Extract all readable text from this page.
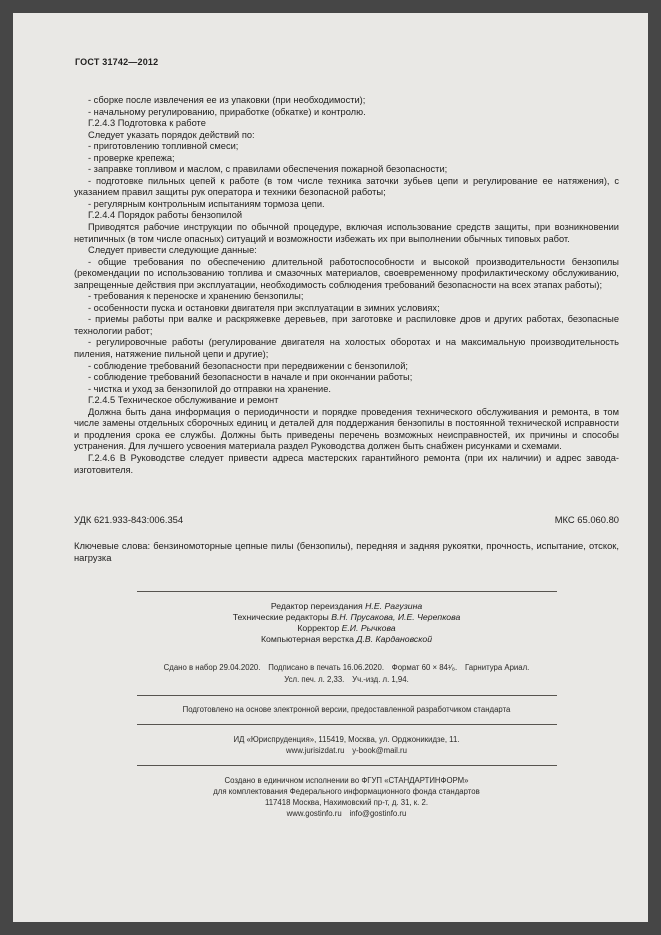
ГОСТ 31742—2012
- сборке после извлечения ее из упаковки (при необходимости);
- начальному регулированию, приработке (обкатке) и контролю.
Г.2.4.3 Подготовка к работе
Следует указать порядок действий по:
- приготовлению топливной смеси;
- проверке крепежа;
- заправке топливом и маслом, с правилами обеспечения пожарной безопасности;
- подготовке пильных цепей к работе (в том числе техника заточки зубьев цепи и регулирование ее натяжения), с указанием правил защиты рук оператора и техники безопасной работы;
- регулярным контрольным испытаниям тормоза цепи.
Г.2.4.4 Порядок работы бензопилой
Приводятся рабочие инструкции по обычной процедуре, включая использование средств защиты, при возникновении нетипичных (в том числе опасных) ситуаций и возможности избежать их при выполнении обычных типовых работ.
Следует привести следующие данные:
- общие требования по обеспечению длительной работоспособности и высокой производительности бензопилы (рекомендации по использованию топлива и смазочных материалов, своевременному профилактическому обслуживанию, запрещенные действия при эксплуатации, необходимость соблюдения требований безопасности на всех этапах работы);
- требования к переноске и хранению бензопилы;
- особенности пуска и остановки двигателя при эксплуатации в зимних условиях;
- приемы работы при валке и раскряжевке деревьев, при заготовке и распиловке дров и других работах, безопасные технологии работ;
- регулировочные работы (регулирование двигателя на холостых оборотах и на максимальную производительность пиления, натяжение пильной цепи и другие);
- соблюдение требований безопасности при передвижении с бензопилой;
- соблюдение требований безопасности в начале и при окончании работы;
- чистка и уход за бензопилой до отправки на хранение.
Г.2.4.5 Техническое обслуживание и ремонт
Должна быть дана информация о периодичности и порядке проведения технического обслуживания и ремонта, в том числе замены отдельных сборочных единиц и деталей для поддержания бензопилы в постоянной технической исправности и продления срока ее службы. Должны быть приведены перечень возможных неисправностей, их причины и способы устранения. Для лучшего усвоения материала раздел Руководства должен быть снабжен рисунками и схемами.
Г.2.4.6 В Руководстве следует привести адреса мастерских гарантийного ремонта (при их наличии) и адрес завода-изготовителя.
УДК 621.933-843:006.354	МКС 65.060.80

Ключевые слова: бензиномоторные цепные пилы (бензопилы), передняя и задняя рукоятки, прочность, испытание, отскок, нагрузка

Редактор переиздания Н.Е. Рагузина
Технические редакторы В.Н. Прусакова, И.Е. Черепкова
Корректор Е.И. Рычкова
Компьютерная верстка Д.В. Кардановской
Сдано в набор 29.04.2020.  Подписано в печать 16.06.2020.  Формат 60 × 84¹⁄₈.  Гарнитура Ариал.
Усл. печ. л. 2,33.  Уч.-изд. л. 1,94.
Подготовлено на основе электронной версии, предоставленной разработчиком стандарта
ИД «Юриспруденция», 115419, Москва, ул. Орджоникидзе, 11.
www.jurisizdat.ru y-book@mail.ru
Создано в единичном исполнении во ФГУП «СТАНДАРТИНФОРМ»
для комплектования Федерального информационного фонда стандартов
117418 Москва, Нахимовский пр-т, д. 31, к. 2.
www.gostinfo.ru info@gostinfo.ru
